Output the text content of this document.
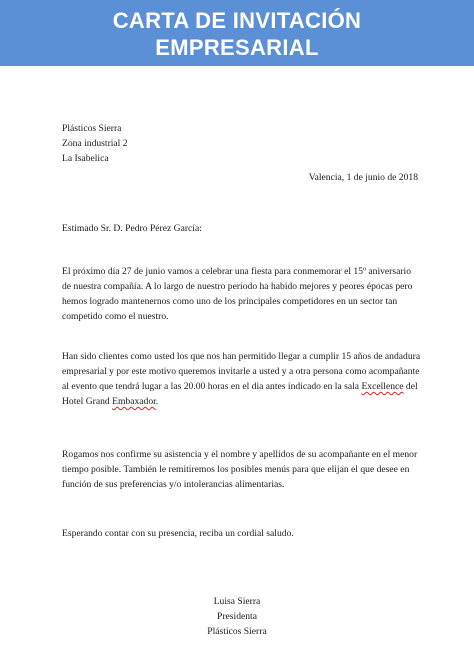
CARTA DE INVITACIÓN
EMPRESARIAL

Plásticos Sierra

Zona industrial 2

La Isabelica

Valencia, 1 de junio de 2018

Estimado Sr. D. Pedro Pérez García:

El próximo día 27 de junio vamos a celebrar una fiesta para conmemorar el 15º aniversario de nuestra compañía. A lo largo de nuestro período ha habido mejores y peores épocas pero hemos logrado mantenernos como uno de los principales competidores en un sector tan competido como el nuestro.

Han sido clientes como usted los que nos han permitido llegar a cumplir 15 años de andadura empresarial y por este motivo queremos invitarle a usted y a otra persona como acompañante al evento que tendrá lugar a las 20.00 horas en el dia antes indicado en la sala Excellence del Hotel Grand Embaxador.

Rogamos nos confirme su asistencia y el nombre y apellidos de su acompañante en el menor tiempo posible. También le remitiremos los posibles menús para que elijan el que desee en función de sus preferencias y/o intolerancias alimentarias.

Esperando contar con su presencia, reciba un cordial saludo.

Luisa Sierra

Presidenta

Plásticos Sierra
